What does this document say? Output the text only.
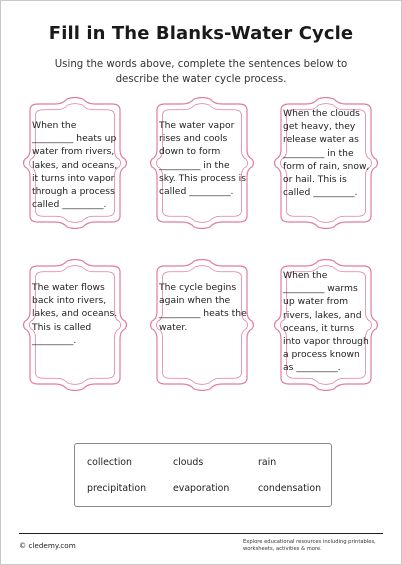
Fill in The Blanks-Water Cycle
Using the words above, complete the sentences below to describe the water cycle process.
When the _________ heats up water from rivers, lakes, and oceans, it turns into vapor through a process called _________.
The water vapor rises and cools down to form _________ in the sky. This process is called _________.
When the clouds get heavy, they release water as _________ in the form of rain, snow, or hail. This is called _________.
The water flows back into rivers, lakes, and oceans. This is called _________.
The cycle begins again when the _________ heats the water.
When the _________ warms up water from rivers, lakes, and oceans, it turns into vapor through a process known as _________.
collection	clouds	rain
precipitation	evaporation	condensation
© cledemy.com	Explore educational resources including printables, worksheets, activities & more.
